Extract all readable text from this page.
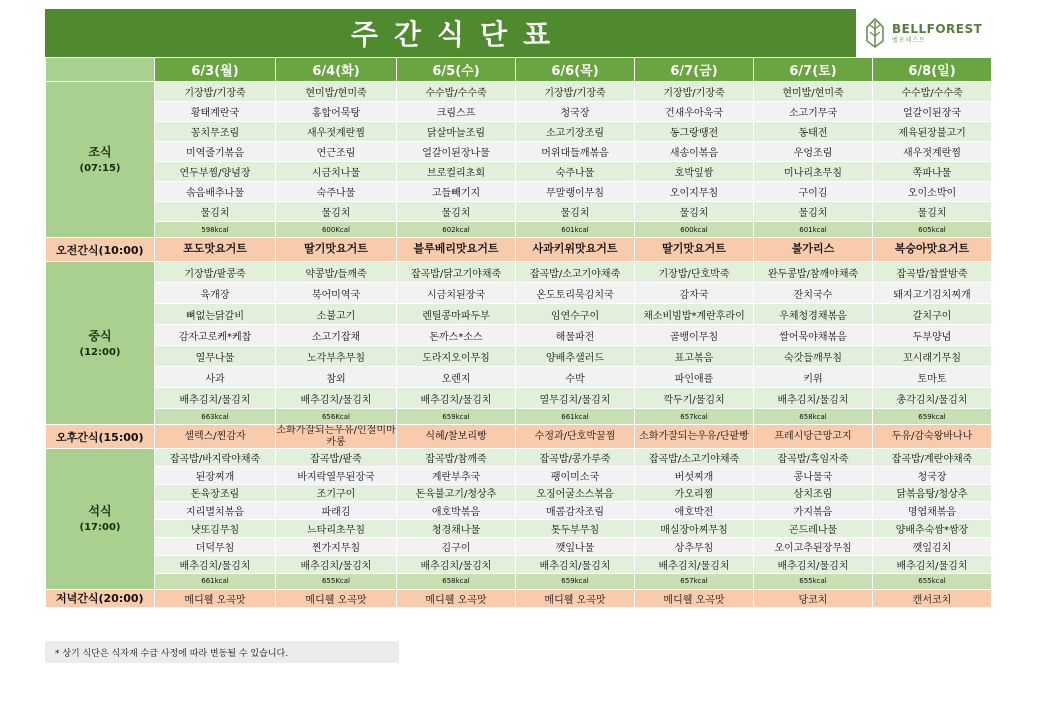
주간식단표	BELLFOREST
벨포레스트
	6/3(월)	6/4(화)	6/5(수)	6/6(목)	6/7(금)	6/7(토)	6/8(일)
조식
(07:15)	기장밥/기장죽	현미밥/현미죽	수수밥/수수죽	기장밥/기장죽	기장밥/기장죽	현미밥/현미죽	수수밥/수수죽
	황태계란국	홍합어묵탕	크림스프	청국장	건새우아욱국	소고기무국	얼갈이된장국
	꽁치무조림	새우젓계란찜	닭살마늘조림	소고기장조림	동그랑땡전	동태전	제육된장불고기
	미역줄기볶음	연근조림	얼갈이된장나물	머위대들깨볶음	새송이볶음	우엉조림	새우젓계란찜
	연두부찜/양념장	시금치나물	브로컬리초회	숙주나물	호박잎쌈	미나리초무침	쪽파나물
	솎음배추나물	숙주나물	고들빼기지	무말랭이무침	오이지무침	구이김	오이소박이
	물김치	물김치	물김치	물김치	물김치	물김치	물김치
	598kcal	600Kcal	602kcal	601kcal	600kcal	601kcal	605kcal
오전간식(10:00)	포도맛요거트	딸기맛요거트	블루베리맛요거트	사과키위맛요거트	딸기맛요거트	불가리스	복숭아맛요거트
중식
(12:00)	기장밥/팥콩죽	약콩밥/들깨죽	잡곡밥/닭고기야채죽	잡곡밥/소고기야채죽	기장밥/단호박죽	완두콩밥/참깨야채죽	잡곡밥/찹쌀밤죽
	육개장	북어미역국	시금치된장국	온도토리묵김치국	감자국	잔치국수	돼지고기김치찌개
	뼈없는닭갈비	소불고기	렌틸콩마파두부	임연수구이	채소비빔밥*계란후라이	우체청경채볶음	갈치구이
	감자고로케*케찹	소고기잡채	돈까스*소스	해물파전	골뱅이무침	쌀어묵야채볶음	두부양념
	열무나물	노각부추무침	도라지오이무침	양배추샐러드	표고볶음	숙갓들깨무침	꼬시래기무침
	사과	참외	오렌지	수박	파인애플	키위	토마토
	배추김치/물김치	배추김치/물김치	배추김치/물김치	열무김치/물김치	깍두기/물김치	배추김치/물김치	총각김치/물김치
	663kcal	656Kcal	659kcal	661kcal	657kcal	658kcal	659kcal
오후간식(15:00)	셀렉스/찐감자	소화가잘되는우유/인절미마카롱	식혜/찰보리빵	수정과/단호박꿀찜	소화가잘되는우유/단팥빵	프레시당근망고지	두유/감숙왕바나나
석식
(17:00)	잡곡밥/바지락야채죽	잡곡밥/팥죽	잡곡밥/참깨죽	잡곡밥/콩가루죽	잡곡밥/소고기야채죽	잡곡밥/흑임자죽	잡곡밥/계란야채죽
	된장찌개	바지락열무된장국	계란부추국	팽이미소국	버섯찌개	콩나물국	청국장
	돈육장조림	조기구이	돈육불고기/청상추	오징어굴소스볶음	가오리찜	삼치조림	닭볶음탕/청상추
	지리멸치볶음	파래김	애호박볶음	매콤감자조림	애호박전	가지볶음	명엽채볶음
	냣또김무침	느타리초무침	청경채나물	톳두부무침	매실장아찌무침	곤드레나물	양배추숙쌈*쌈장
	더덕무침	찐가지무침	김구이	깻잎나물	상추무침	오이고추된장무침	깻잎김치
	배추김치/물김치	배추김치/물김치	배추김치/물김치	배추김치/물김치	배추김치/물김치	배추김치/물김치	배추김치/물김치
	661kcal	655Kcal	658kcal	659kcal	657kcal	655kcal	655kcal
저녁간식(20:00)	메디웰 오곡맛	메디웰 오곡맛	메디웰 오곡맛	메디웰 오곡맛	메디웰 오곡맛	당코치	캔서코치
* 상기 식단은 식자재 수급 사정에 따라 변동될 수 있습니다.
